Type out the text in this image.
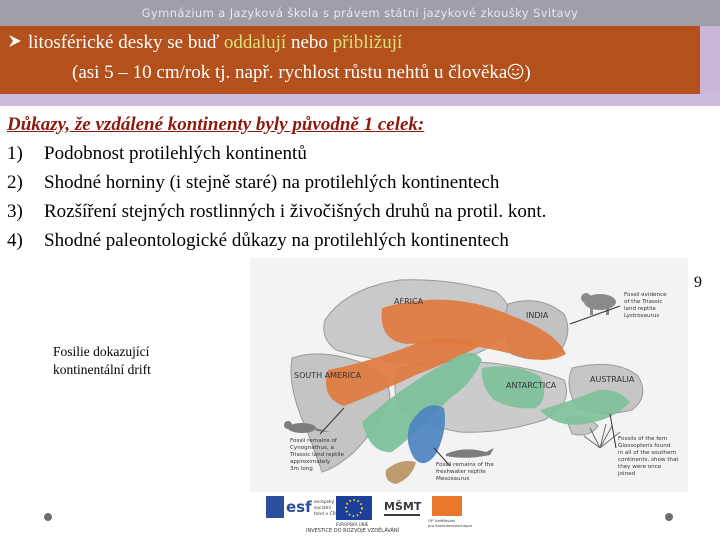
Gymnázium a Jazyková škola s právem státní jazykové zkoušky Svitavy
litosférické desky se buď oddalují nebo přibližují
(asi 5 – 10 cm/rok tj. např. rychlost růstu nehtů u člověka )
Důkazy, že vzdálené kontinenty byly původně 1 celek:
1) Podobnost protilehlých kontinentů
2) Shodné horniny (i stejně staré) na protilehlých kontinentech
3) Rozšíření stejných rostlinných i živočišných druhů na protil. kont.
4) Shodné paleontologické důkazy na protilehlých kontinentech
9
Fosilie dokazující
kontinentální drift
AFRICA
INDIA
SOUTH AMERICA
ANTARCTICA
AUSTRALIA
Fossil evidence
of the Triassic
land reptile
Lystrosaurus
Fossil remains of
Cynognathus, a
Triassic land reptile
approximately
3m long
Fossil remains of the
freshwater reptile
Mesosaurus
Fossils of the fern
Glossopteris found
in all of the southern
continents, show that
they were once
joined
esf evropský
sociální
fond v ČR
EVROPSKÁ UNIE
MŠMT
OP Vzdělávání
pro konkurenceschopnost
INVESTICE DO ROZVOJE VZDĚLÁVÁNÍ
